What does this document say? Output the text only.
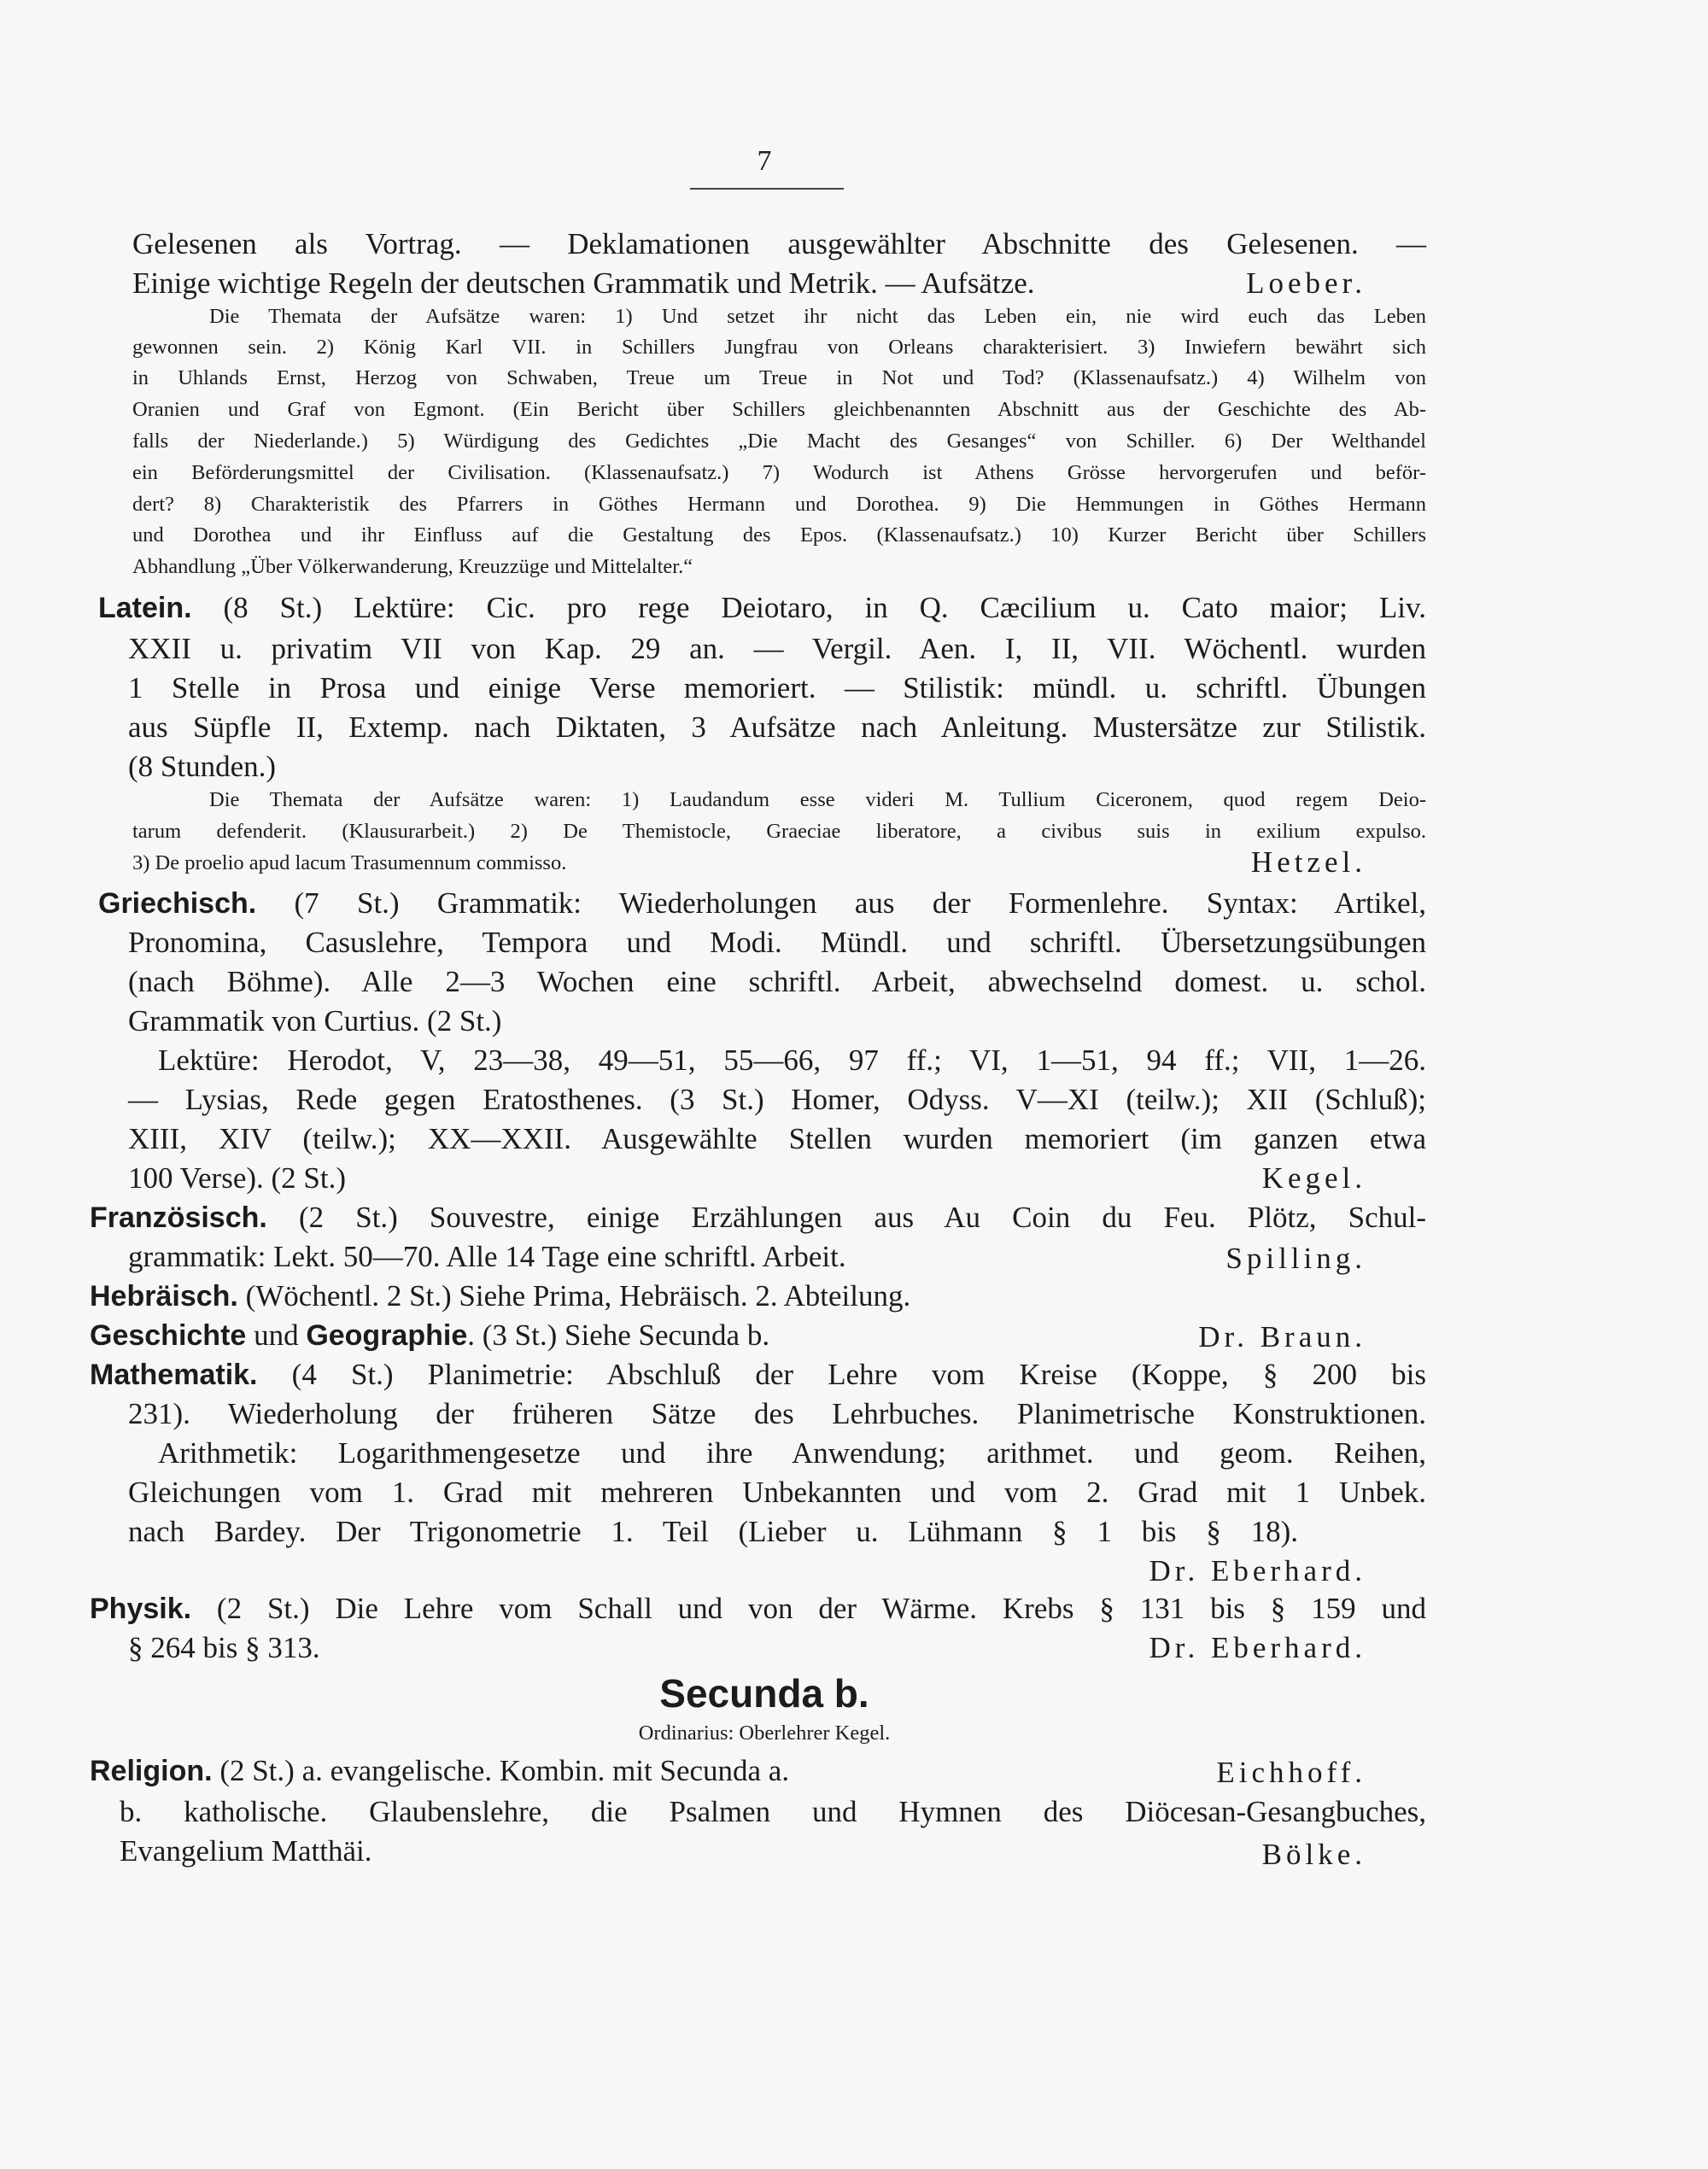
7
Gelesenen als Vortrag. — Deklamationen ausgewählter Abschnitte des Gelesenen. —
Einige wichtige Regeln der deutschen Grammatik und Metrik. — Aufsätze.	Loeber.
Die Themata der Aufsätze waren: 1) Und setzet ihr nicht das Leben ein, nie wird euch das Leben
gewonnen sein. 2) König Karl VII. in Schillers Jungfrau von Orleans charakterisiert. 3) Inwiefern bewährt sich
in Uhlands Ernst, Herzog von Schwaben, Treue um Treue in Not und Tod? (Klassenaufsatz.) 4) Wilhelm von
Oranien und Graf von Egmont. (Ein Bericht über Schillers gleichbenannten Abschnitt aus der Geschichte des Ab-
falls der Niederlande.) 5) Würdigung des Gedichtes „Die Macht des Gesanges“ von Schiller. 6) Der Welthandel
ein Beförderungsmittel der Civilisation. (Klassenaufsatz.) 7) Wodurch ist Athens Grösse hervorgerufen und beför-
dert? 8) Charakteristik des Pfarrers in Göthes Hermann und Dorothea. 9) Die Hemmungen in Göthes Hermann
und Dorothea und ihr Einfluss auf die Gestaltung des Epos. (Klassenaufsatz.) 10) Kurzer Bericht über Schillers
Abhandlung „Über Völkerwanderung, Kreuzzüge und Mittelalter.“
Latein. (8 St.) Lektüre: Cic. pro rege Deiotaro, in Q. Cæcilium u. Cato maior; Liv.
XXII u. privatim VII von Kap. 29 an. — Vergil. Aen. I, II, VII. Wöchentl. wurden
1 Stelle in Prosa und einige Verse memoriert. — Stilistik: mündl. u. schriftl. Übungen
aus Süpfle II, Extemp. nach Diktaten, 3 Aufsätze nach Anleitung. Mustersätze zur Stilistik.
(8 Stunden.)
Die Themata der Aufsätze waren: 1) Laudandum esse videri M. Tullium Ciceronem, quod regem Deio-
tarum defenderit. (Klausurarbeit.) 2) De Themistocle, Graeciae liberatore, a civibus suis in exilium expulso.
3) De proelio apud lacum Trasumennum commisso.	Hetzel.
Griechisch. (7 St.) Grammatik: Wiederholungen aus der Formenlehre. Syntax: Artikel,
Pronomina, Casuslehre, Tempora und Modi. Mündl. und schriftl. Übersetzungsübungen
(nach Böhme). Alle 2—3 Wochen eine schriftl. Arbeit, abwechselnd domest. u. schol.
Grammatik von Curtius. (2 St.)
Lektüre: Herodot, V, 23—38, 49—51, 55—66, 97 ff.; VI, 1—51, 94 ff.; VII, 1—26.
— Lysias, Rede gegen Eratosthenes. (3 St.) Homer, Odyss. V—XI (teilw.); XII (Schluß);
XIII, XIV (teilw.); XX—XXII. Ausgewählte Stellen wurden memoriert (im ganzen etwa
100 Verse). (2 St.)	Kegel.
Französisch. (2 St.) Souvestre, einige Erzählungen aus Au Coin du Feu. Plötz, Schul-
grammatik: Lekt. 50—70. Alle 14 Tage eine schriftl. Arbeit.	Spilling.
Hebräisch. (Wöchentl. 2 St.) Siehe Prima, Hebräisch. 2. Abteilung.
Geschichte und Geographie. (3 St.) Siehe Secunda b.	Dr. Braun.
Mathematik. (4 St.) Planimetrie: Abschluß der Lehre vom Kreise (Koppe, § 200 bis
231). Wiederholung der früheren Sätze des Lehrbuches. Planimetrische Konstruktionen.
Arithmetik: Logarithmengesetze und ihre Anwendung; arithmet. und geom. Reihen,
Gleichungen vom 1. Grad mit mehreren Unbekannten und vom 2. Grad mit 1 Unbek.
nach Bardey. Der Trigonometrie 1. Teil (Lieber u. Lühmann § 1 bis § 18).
Dr. Eberhard.
Physik. (2 St.) Die Lehre vom Schall und von der Wärme. Krebs § 131 bis § 159 und
§ 264 bis § 313.	Dr. Eberhard.
Secunda b.
Ordinarius: Oberlehrer Kegel.
Religion. (2 St.) a. evangelische. Kombin. mit Secunda a.	Eichhoff.
b. katholische. Glaubenslehre, die Psalmen und Hymnen des Diöcesan-Gesangbuches,
Evangelium Matthäi.	Bölke.
